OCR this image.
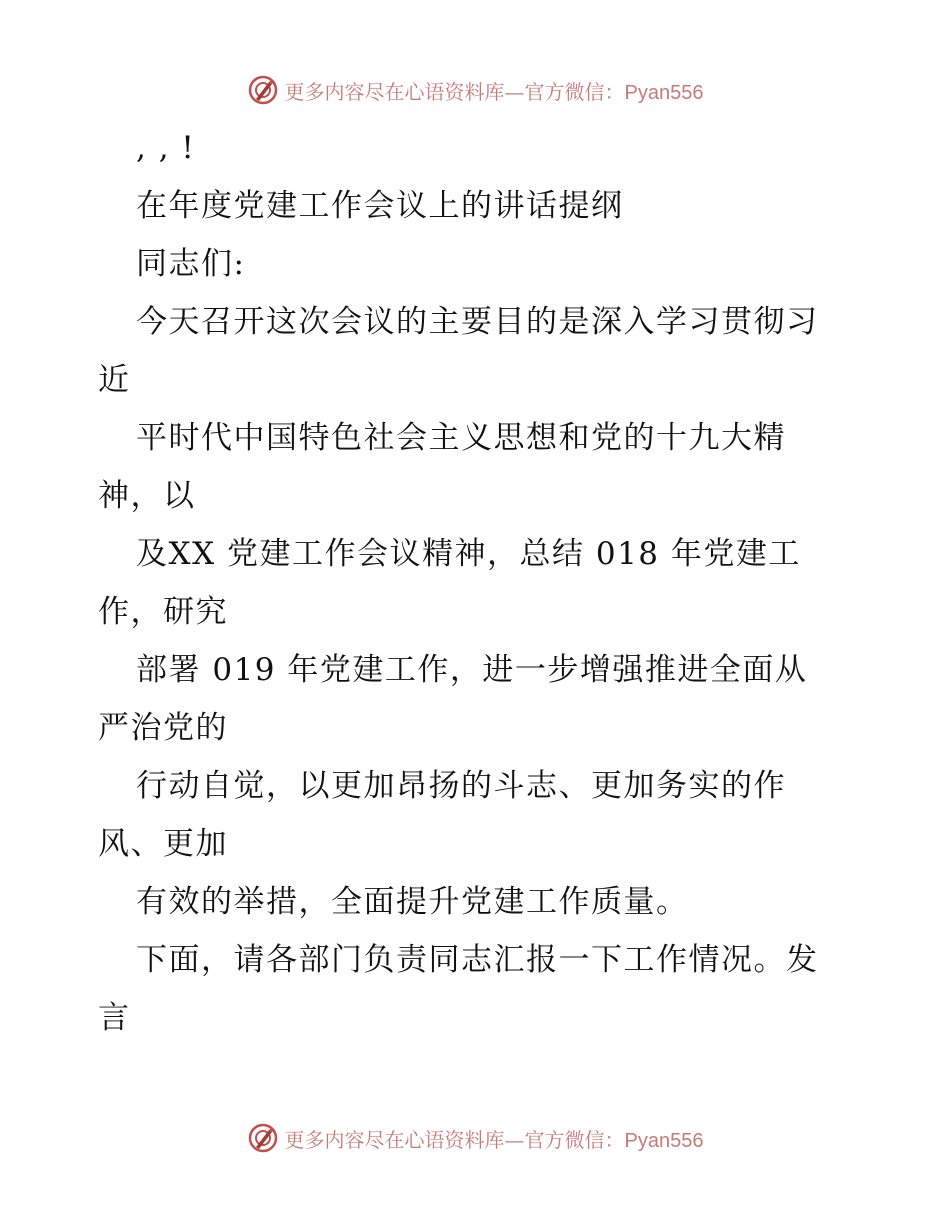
更多内容尽在心语资料库—官方微信：Pyan556
, , !
在年度党建工作会议上的讲话提纲
同志们:
今天召开这次会议的主要目的是深入学习贯彻习
近
平时代中国特色社会主义思想和党的十九大精
神，以
及XX 党建工作会议精神，总结 018 年党建工
作，研究
部署 019 年党建工作，进一步增强推进全面从
严治党的
行动自觉，以更加昂扬的斗志、更加务实的作
风、更加
有效的举措，全面提升党建工作质量。
下面，请各部门负责同志汇报一下工作情况。发
言
更多内容尽在心语资料库—官方微信：Pyan556
